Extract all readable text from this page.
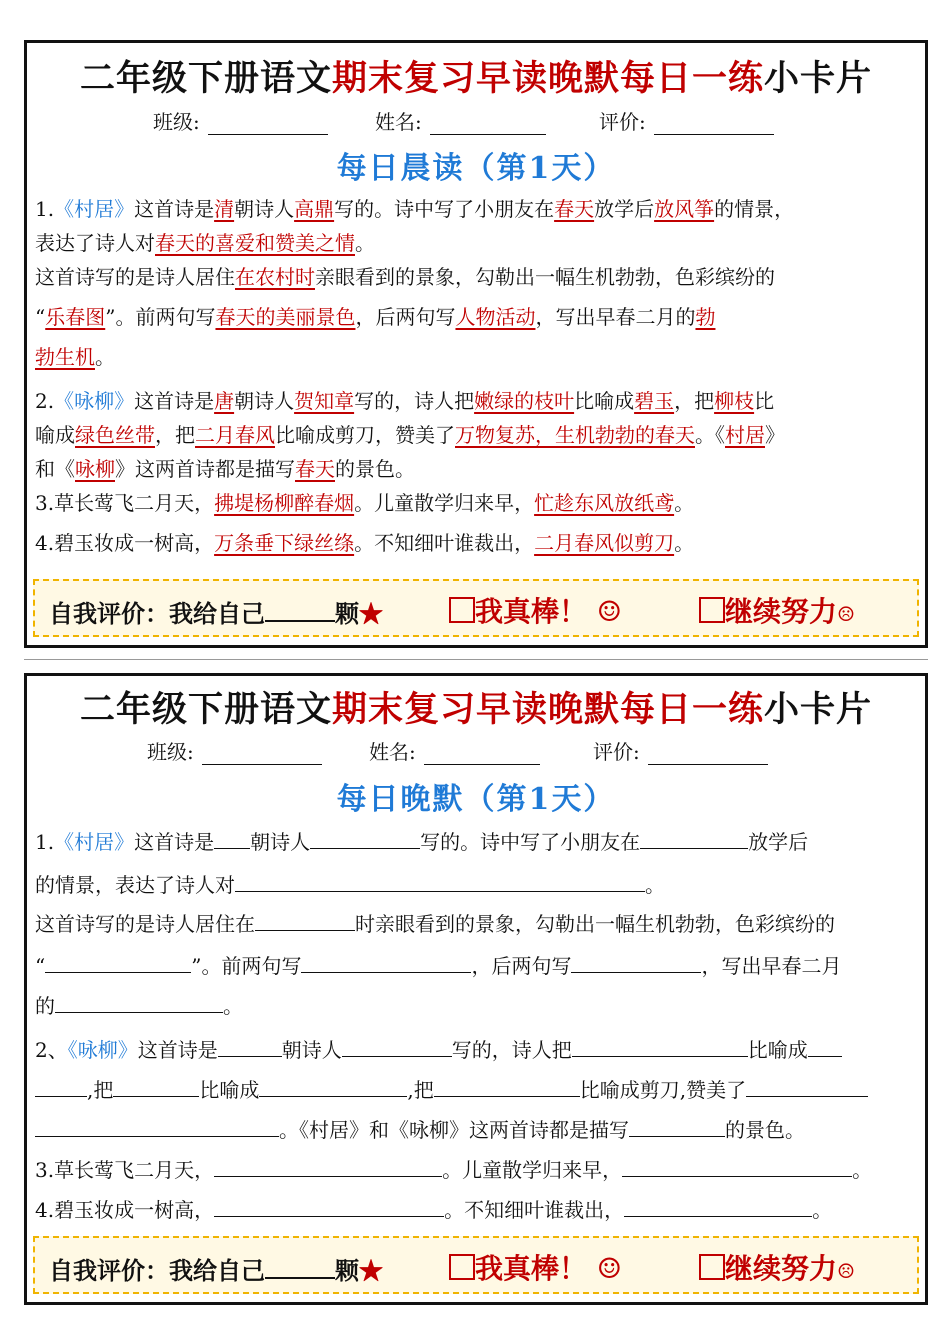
二年级下册语文期末复习早读晚默每日一练小卡片
班级:	姓名:	评价:
每日晨读（第1天）
1.《村居》这首诗是清朝诗人高鼎写的。诗中写了小朋友在春天放学后放风筝的情景，
表达了诗人对春天的喜爱和赞美之情。
这首诗写的是诗人居住在农村时亲眼看到的景象，勾勒出一幅生机勃勃，色彩缤纷的
“乐春图”。前两句写春天的美丽景色，后两句写人物活动，写出早春二月的勃
勃生机。
2.《咏柳》这首诗是唐朝诗人贺知章写的，诗人把嫩绿的枝叶比喻成碧玉，把柳枝比
喻成绿色丝带，把二月春风比喻成剪刀，赞美了万物复苏，生机勃勃的春天。《村居》
和《咏柳》这两首诗都是描写春天的景色。
3.草长莺飞二月天，拂堤杨柳醉春烟。儿童散学归来早，忙趁东风放纸鸢。
4.碧玉妆成一树高，万条垂下绿丝绦。不知细叶谁裁出，二月春风似剪刀。
自我评价：我给自己	颗★	我真棒！ ☺	继续努力☹
二年级下册语文期末复习早读晚默每日一练小卡片
班级:	姓名:	评价:
每日晚默（第1天）
1.《村居》这首诗是 朝诗人	写的。诗中写了小朋友在	放学后
的情景，表达了诗人对	。
这首诗写的是诗人居住在	时亲眼看到的景象，勾勒出一幅生机勃勃，色彩缤纷的
“	”。前两句写	，后两句写	，写出早春二月
的	。
2、《咏柳》这首诗是	朝诗人	写的，诗人把	比喻成
,把	比喻成	,把	比喻成剪刀,赞美了
。《村居》和《咏柳》这两首诗都是描写	的景色。
3.草长莺飞二月天，	。儿童散学归来早，	。
4.碧玉妆成一树高，	。不知细叶谁裁出，	。
自我评价：我给自己	颗★	我真棒！ ☺	继续努力☹
